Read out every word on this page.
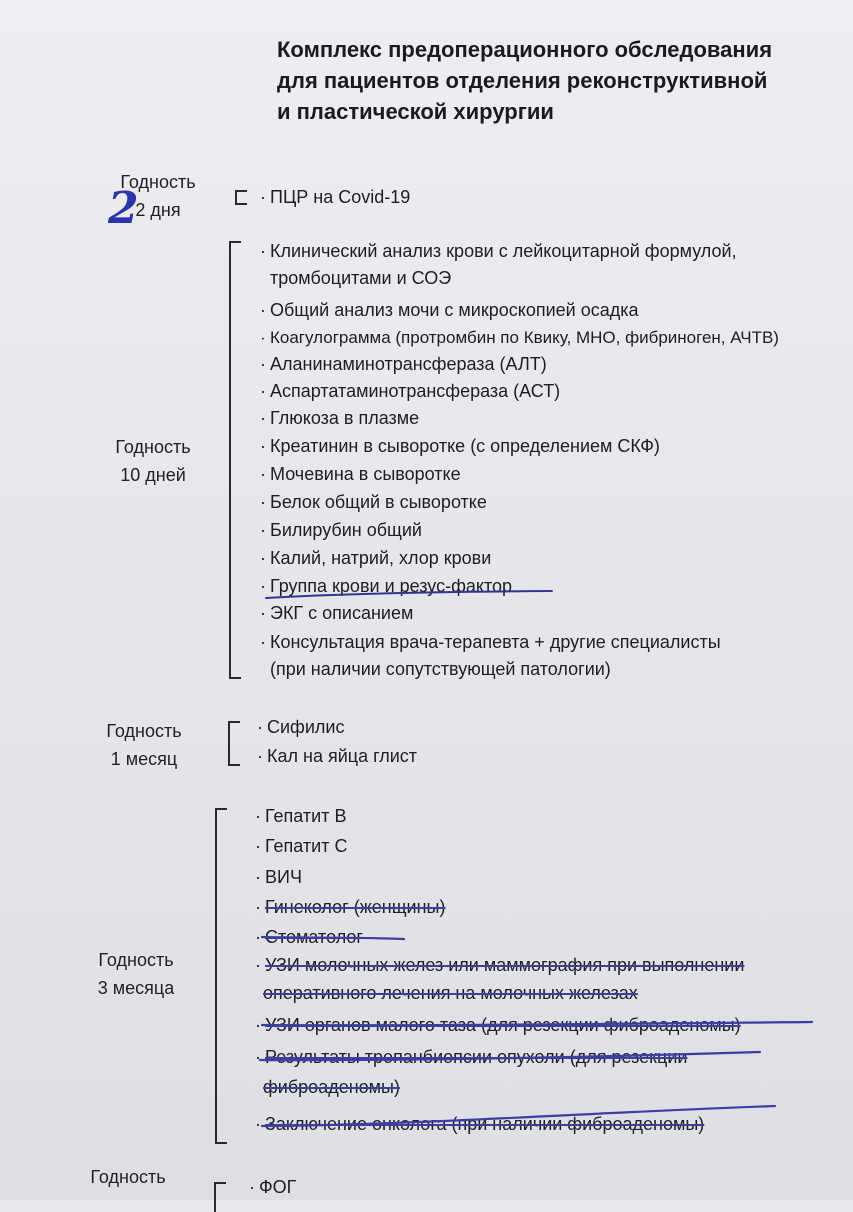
Комплекс предоперационного обследования
для пациентов отделения реконструктивной
и пластической хирургии
Годность
2 дня
2	· ПЦР на Covid-19
Годность
10 дней
· Клинический анализ крови с лейкоцитарной формулой,
тромбоцитами и СОЭ
· Общий анализ мочи с микроскопией осадка
· Коагулограмма (протромбин по Квику, МНО, фибриноген, АЧТВ)
· Аланинаминотрансфераза (АЛТ)
· Аспартатаминотрансфераза (АСТ)
· Глюкоза в плазме
· Креатинин в сыворотке (с определением СКФ)
· Мочевина в сыворотке
· Белок общий в сыворотке
· Билирубин общий
· Калий, натрий, хлор крови
· Группа крови и резус-фактор
· ЭКГ с описанием
· Консультация врача-терапевта + другие специалисты
(при наличии сопутствующей патологии)
Годность
1 месяц
· Сифилис
· Кал на яйца глист
Годность
3 месяца
· Гепатит В
· Гепатит С
· ВИЧ
· Гинеколог (женщины)
· Стоматолог
· УЗИ молочных желез или маммография при выполнении
оперативного лечения на молочных железах
· УЗИ органов малого таза (для резекции фиброаденомы)
· Результаты трепанбиопсии опухоли (для резекции
фиброаденомы)
· Заключение онколога (при наличии фиброаденомы)
Годность	· ФОГ
